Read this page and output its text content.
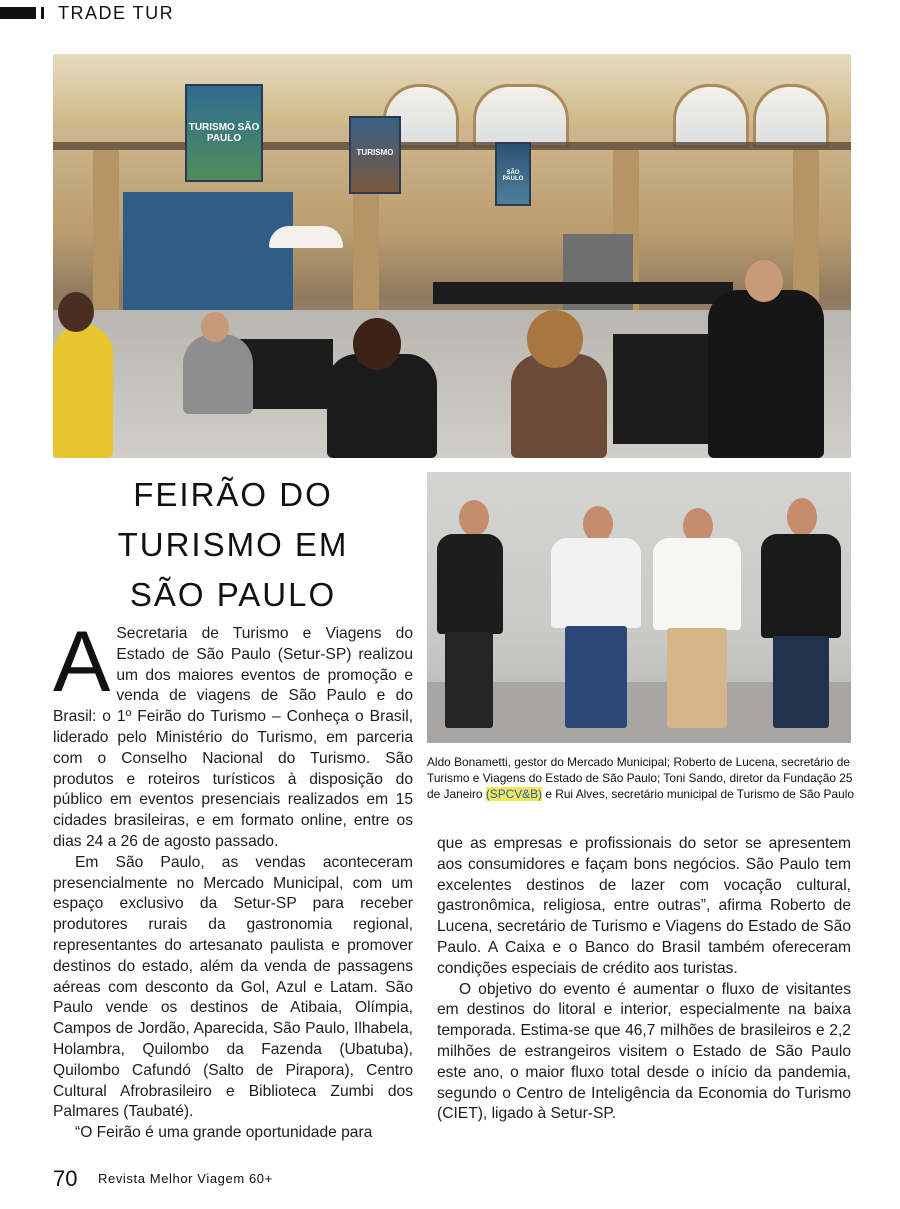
TRADE TUR
TURISMO SÃO PAULO
TURISMO
SÃO PAULO
FEIRÃO DO
TURISMO EM
SÃO PAULO
Aldo Bonametti, gestor do Mercado Municipal; Roberto de Lucena, secretário de Turismo e Viagens do Estado de São Paulo; Toni Sando, diretor da Fundação 25 de Janeiro (SPCV&B) e Rui Alves, secretário municipal de Turismo de São Paulo

A Secretaria de Turismo e Viagens do Estado de São Paulo (Setur-SP) realizou um dos maiores eventos de promoção e venda de viagens de São Paulo e do Brasil: o 1º Feirão do Turismo – Conheça o Brasil, liderado pelo Ministério do Turismo, em parceria com o Conselho Nacional do Turismo. São produtos e roteiros turísticos à disposição do público em eventos presenciais realizados em 15 cidades brasileiras, e em formato online, entre os dias 24 a 26 de agosto passado.

Em São Paulo, as vendas aconteceram presencialmente no Mercado Municipal, com um espaço exclusivo da Setur-SP para receber produtores rurais da gastronomia regional, representantes do artesanato paulista e promover destinos do estado, além da venda de passagens aéreas com desconto da Gol, Azul e Latam. São Paulo vende os destinos de Atibaia, Olímpia, Campos de Jordão, Aparecida, São Paulo, Ilhabela, Holambra, Quilombo da Fazenda (Ubatuba), Quilombo Cafundó (Salto de Pirapora), Centro Cultural Afrobrasileiro e Biblioteca Zumbi dos Palmares (Taubaté).

“O Feirão é uma grande oportunidade para

que as empresas e profissionais do setor se apresentem aos consumidores e façam bons negócios. São Paulo tem excelentes destinos de lazer com vocação cultural, gastronômica, religiosa, entre outras”, afirma Roberto de Lucena, secretário de Turismo e Viagens do Estado de São Paulo. A Caixa e o Banco do Brasil também ofereceram condições especiais de crédito aos turistas.

O objetivo do evento é aumentar o fluxo de visitantes em destinos do litoral e interior, especialmente na baixa temporada. Estima-se que 46,7 milhões de brasileiros e 2,2 milhões de estrangeiros visitem o Estado de São Paulo este ano, o maior fluxo total desde o início da pandemia, segundo o Centro de Inteligência da Economia do Turismo (CIET), ligado à Setur-SP.

70 Revista Melhor Viagem 60+
